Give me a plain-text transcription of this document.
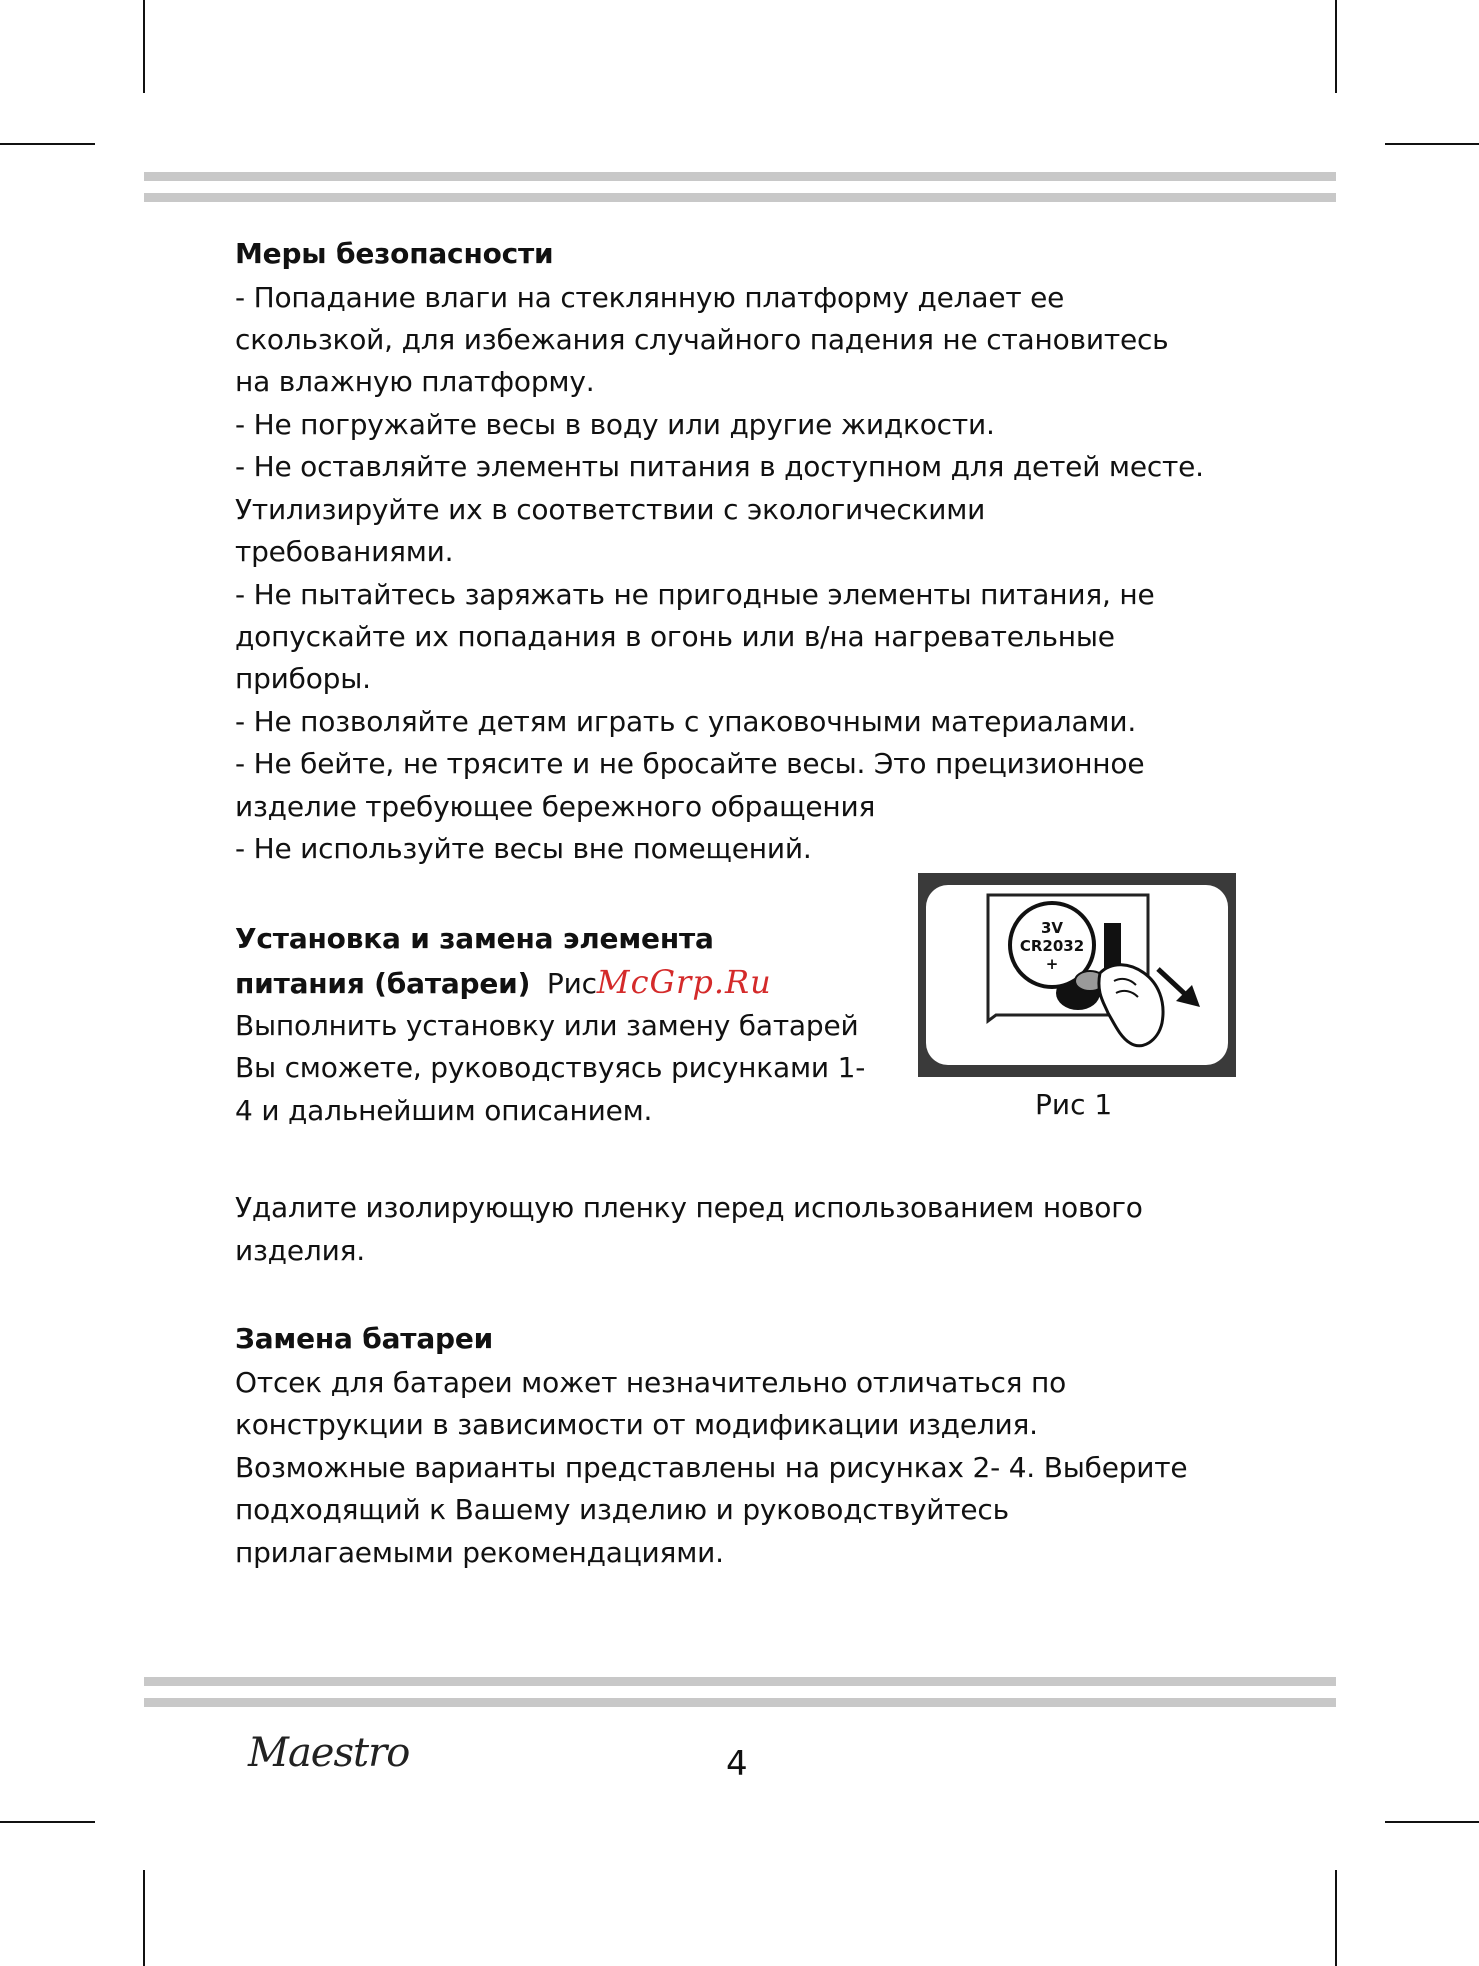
Меры безопасности

- Попадание влаги на стеклянную платформу делает ее

скользкой, для избежания случайного падения не становитесь

на влажную платформу.

- Не погружайте весы в воду или другие жидкости.

- Не оставляйте элементы питания в доступном для детей месте.

Утилизируйте их в соответствии с экологическими

требованиями.

- Не пытайтесь заряжать не пригодные элементы питания, не

допускайте их попадания в огонь или в/на нагревательные

приборы.

- Не позволяйте детям играть с упаковочными материалами.

- Не бейте, не трясите и не бросайте весы. Это прецизионное

изделие требующее бережного обращения

- Не используйте весы вне помещений.

Установка и замена элемента

питания (батареи) РисMcGrp.Ru

Выполнить установку или замену батарей

Вы сможете, руководствуясь рисунками 1-

4 и дальнейшим описанием.

3V
CR2032
+

Рис 1

Удалите изолирующую пленку перед использованием нового

изделия.

Замена батареи

Отсек для батареи может незначительно отличаться по

конструкции в зависимости от модификации изделия.

Возможные варианты представлены на рисунках 2- 4. Выберите

подходящий к Вашему изделию и руководствуйтесь

прилагаемыми рекомендациями.

Maestro	4
